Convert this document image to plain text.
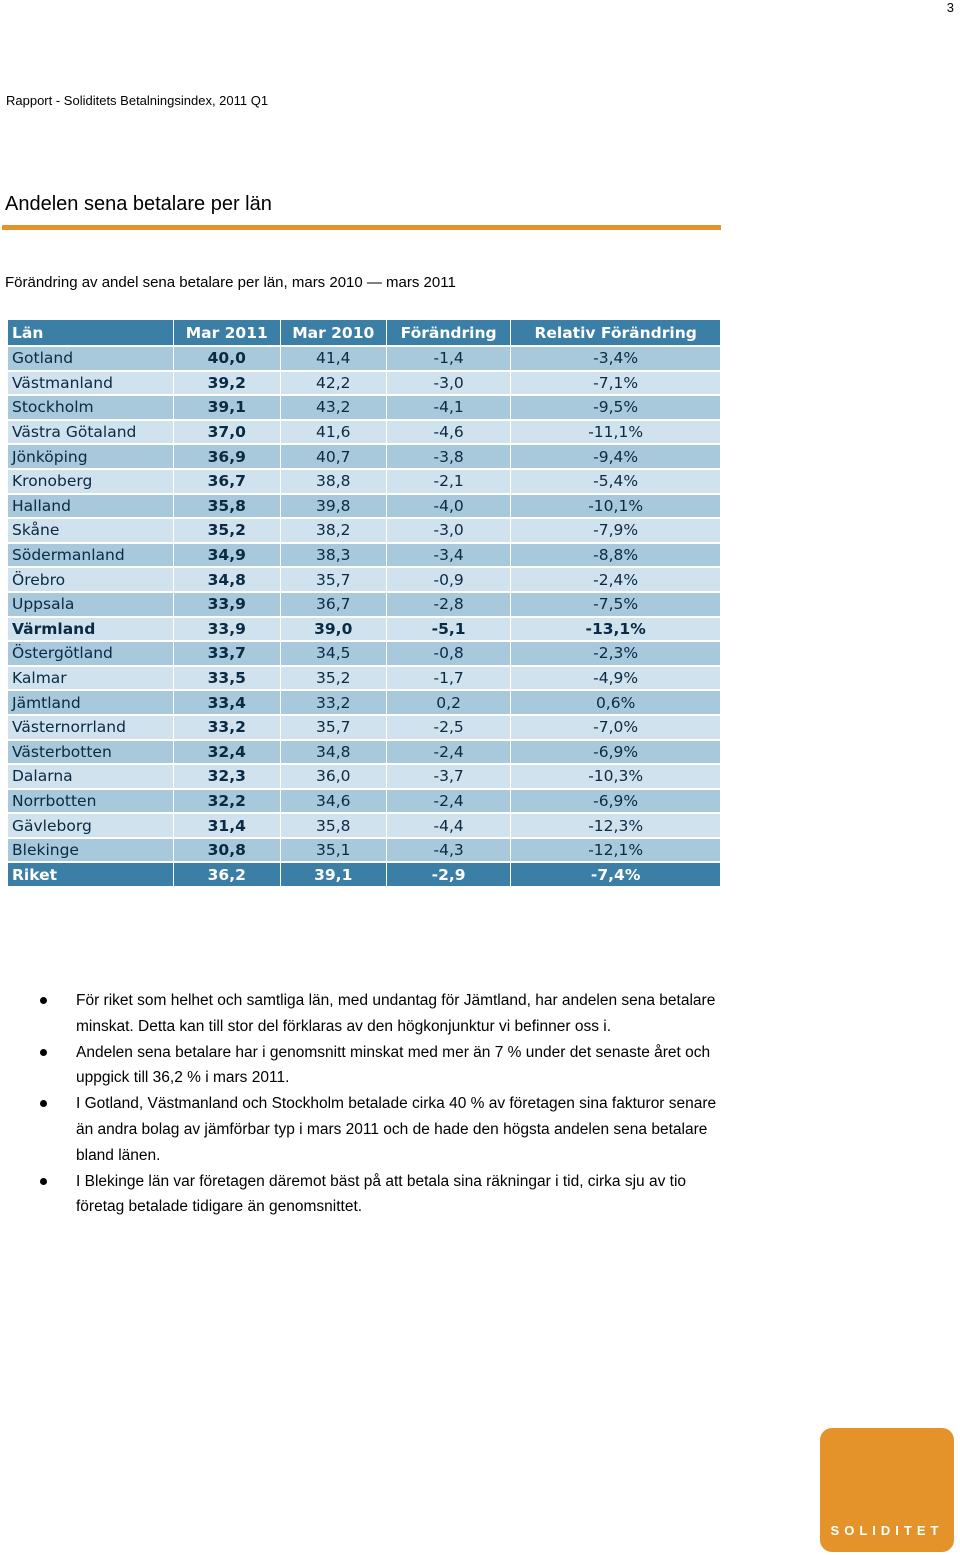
3
Rapport - Soliditets Betalningsindex, 2011 Q1
Andelen sena betalare per län
Förändring av andel sena betalare per län, mars 2010 — mars 2011
Län	Mar 2011	Mar 2010	Förändring	Relativ Förändring
Gotland	40,0	41,4	-1,4	-3,4%
Västmanland	39,2	42,2	-3,0	-7,1%
Stockholm	39,1	43,2	-4,1	-9,5%
Västra Götaland	37,0	41,6	-4,6	-11,1%
Jönköping	36,9	40,7	-3,8	-9,4%
Kronoberg	36,7	38,8	-2,1	-5,4%
Halland	35,8	39,8	-4,0	-10,1%
Skåne	35,2	38,2	-3,0	-7,9%
Södermanland	34,9	38,3	-3,4	-8,8%
Örebro	34,8	35,7	-0,9	-2,4%
Uppsala	33,9	36,7	-2,8	-7,5%
Värmland	33,9	39,0	-5,1	-13,1%
Östergötland	33,7	34,5	-0,8	-2,3%
Kalmar	33,5	35,2	-1,7	-4,9%
Jämtland	33,4	33,2	0,2	0,6%
Västernorrland	33,2	35,7	-2,5	-7,0%
Västerbotten	32,4	34,8	-2,4	-6,9%
Dalarna	32,3	36,0	-3,7	-10,3%
Norrbotten	32,2	34,6	-2,4	-6,9%
Gävleborg	31,4	35,8	-4,4	-12,3%
Blekinge	30,8	35,1	-4,3	-12,1%
Riket	36,2	39,1	-2,9	-7,4%
För riket som helhet och samtliga län, med undantag för Jämtland, har andelen sena betalare minskat. Detta kan till stor del förklaras av den högkonjunktur vi befinner oss i.
Andelen sena betalare har i genomsnitt minskat med mer än 7 % under det senaste året och uppgick till 36,2 % i mars 2011.
I Gotland, Västmanland och Stockholm betalade cirka 40 % av företagen sina fakturor senare än andra bolag av jämförbar typ i mars 2011 och de hade den högsta andelen sena betalare bland länen.
I Blekinge län var företagen däremot bäst på att betala sina räkningar i tid, cirka sju av tio företag betalade tidigare än genomsnittet.
SOLIDITET
